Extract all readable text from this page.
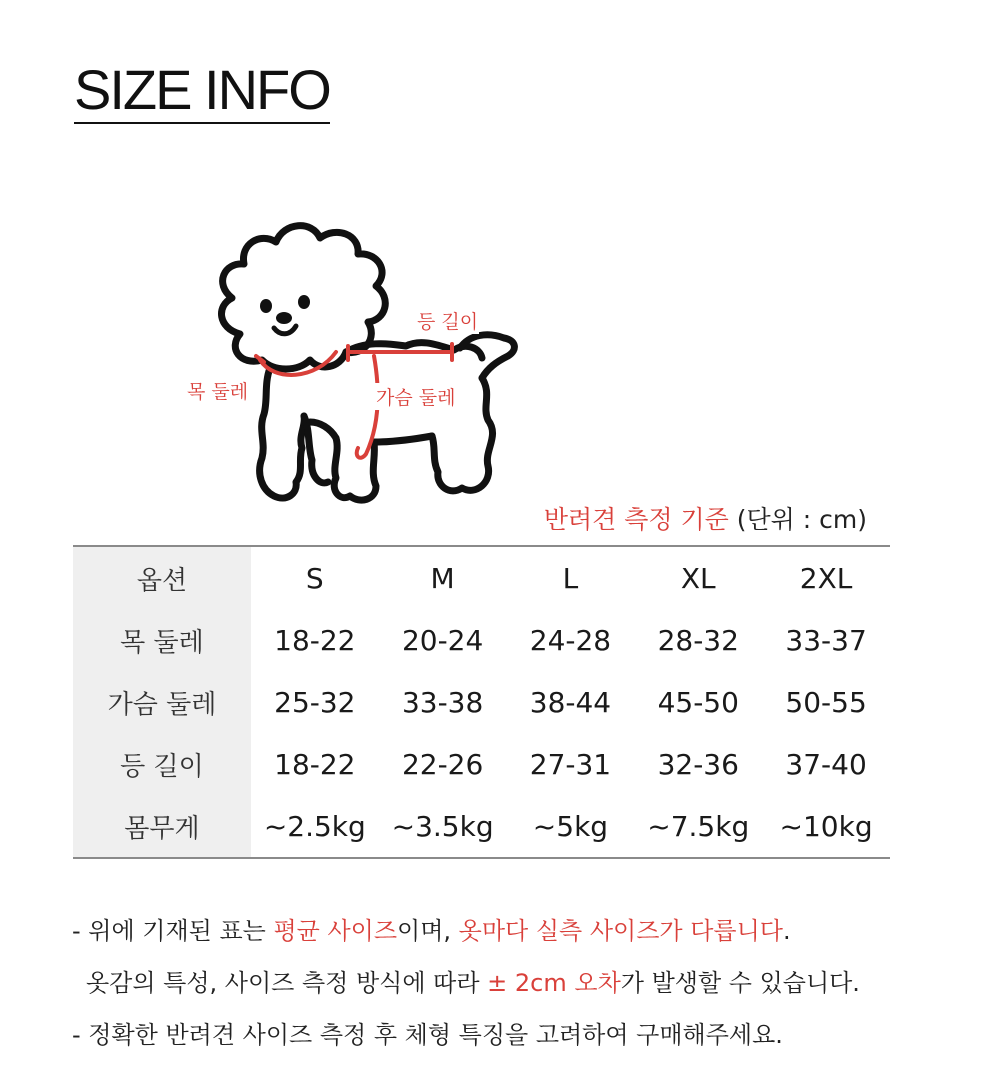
SIZE INFO
등 길이
목 둘레	가슴 둘레
반려견 측정 기준 (단위 : cm)
옵션	S	M	L	XL	2XL
목 둘레	18-22	20-24	24-28	28-32	33-37
가슴 둘레	25-32	33-38	38-44	45-50	50-55
등 길이	18-22	22-26	27-31	32-36	37-40
몸무게	~2.5kg	~3.5kg	~5kg	~7.5kg	~10kg
- 위에 기재된 표는 평균 사이즈이며, 옷마다 실측 사이즈가 다릅니다.
옷감의 특성, 사이즈 측정 방식에 따라 ± 2cm 오차가 발생할 수 있습니다.
- 정확한 반려견 사이즈 측정 후 체형 특징을 고려하여 구매해주세요.
